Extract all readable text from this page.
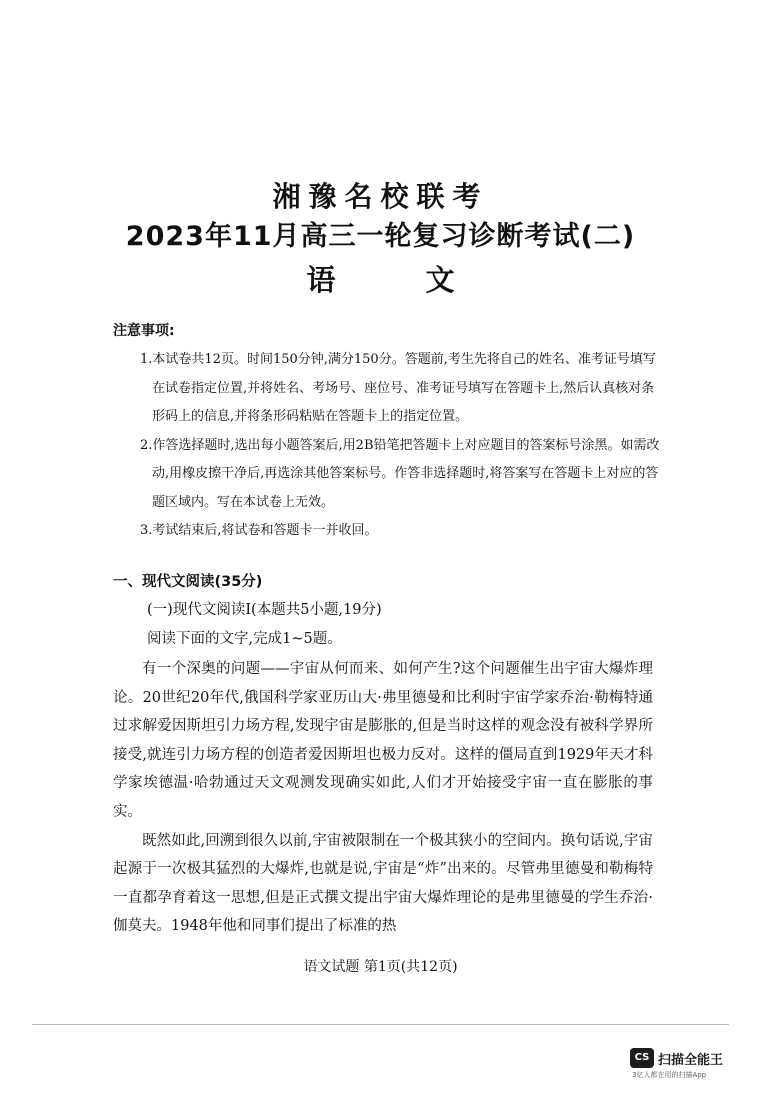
湘豫名校联考
2023年11月高三一轮复习诊断考试(二)
语 文
注意事项:
1.本试卷共12页。时间150分钟,满分150分。答题前,考生先将自己的姓名、准考证号填写在试卷指定位置,并将姓名、考场号、座位号、准考证号填写在答题卡上,然后认真核对条形码上的信息,并将条形码粘贴在答题卡上的指定位置。
2.作答选择题时,选出每小题答案后,用2B铅笔把答题卡上对应题目的答案标号涂黑。如需改动,用橡皮擦干净后,再选涂其他答案标号。作答非选择题时,将答案写在答题卡上对应的答题区域内。写在本试卷上无效。
3.考试结束后,将试卷和答题卡一并收回。
一、现代文阅读(35分)
(一)现代文阅读Ⅰ(本题共5小题,19分)
阅读下面的文字,完成1~5题。

有一个深奥的问题——宇宙从何而来、如何产生?这个问题催生出宇宙大爆炸理论。20世纪20年代,俄国科学家亚历山大·弗里德曼和比利时宇宙学家乔治·勒梅特通过求解爱因斯坦引力场方程,发现宇宙是膨胀的,但是当时这样的观念没有被科学界所接受,就连引力场方程的创造者爱因斯坦也极力反对。这样的僵局直到1929年天才科学家埃德温·哈勃通过天文观测发现确实如此,人们才开始接受宇宙一直在膨胀的事实。

既然如此,回溯到很久以前,宇宙被限制在一个极其狭小的空间内。换句话说,宇宙起源于一次极其猛烈的大爆炸,也就是说,宇宙是“炸”出来的。尽管弗里德曼和勒梅特一直都孕育着这一思想,但是正式撰文提出宇宙大爆炸理论的是弗里德曼的学生乔治·伽莫夫。1948年他和同事们提出了标准的热

语文试题 第1页(共12页)
CS 扫描全能王
3亿人都在用的扫描App
